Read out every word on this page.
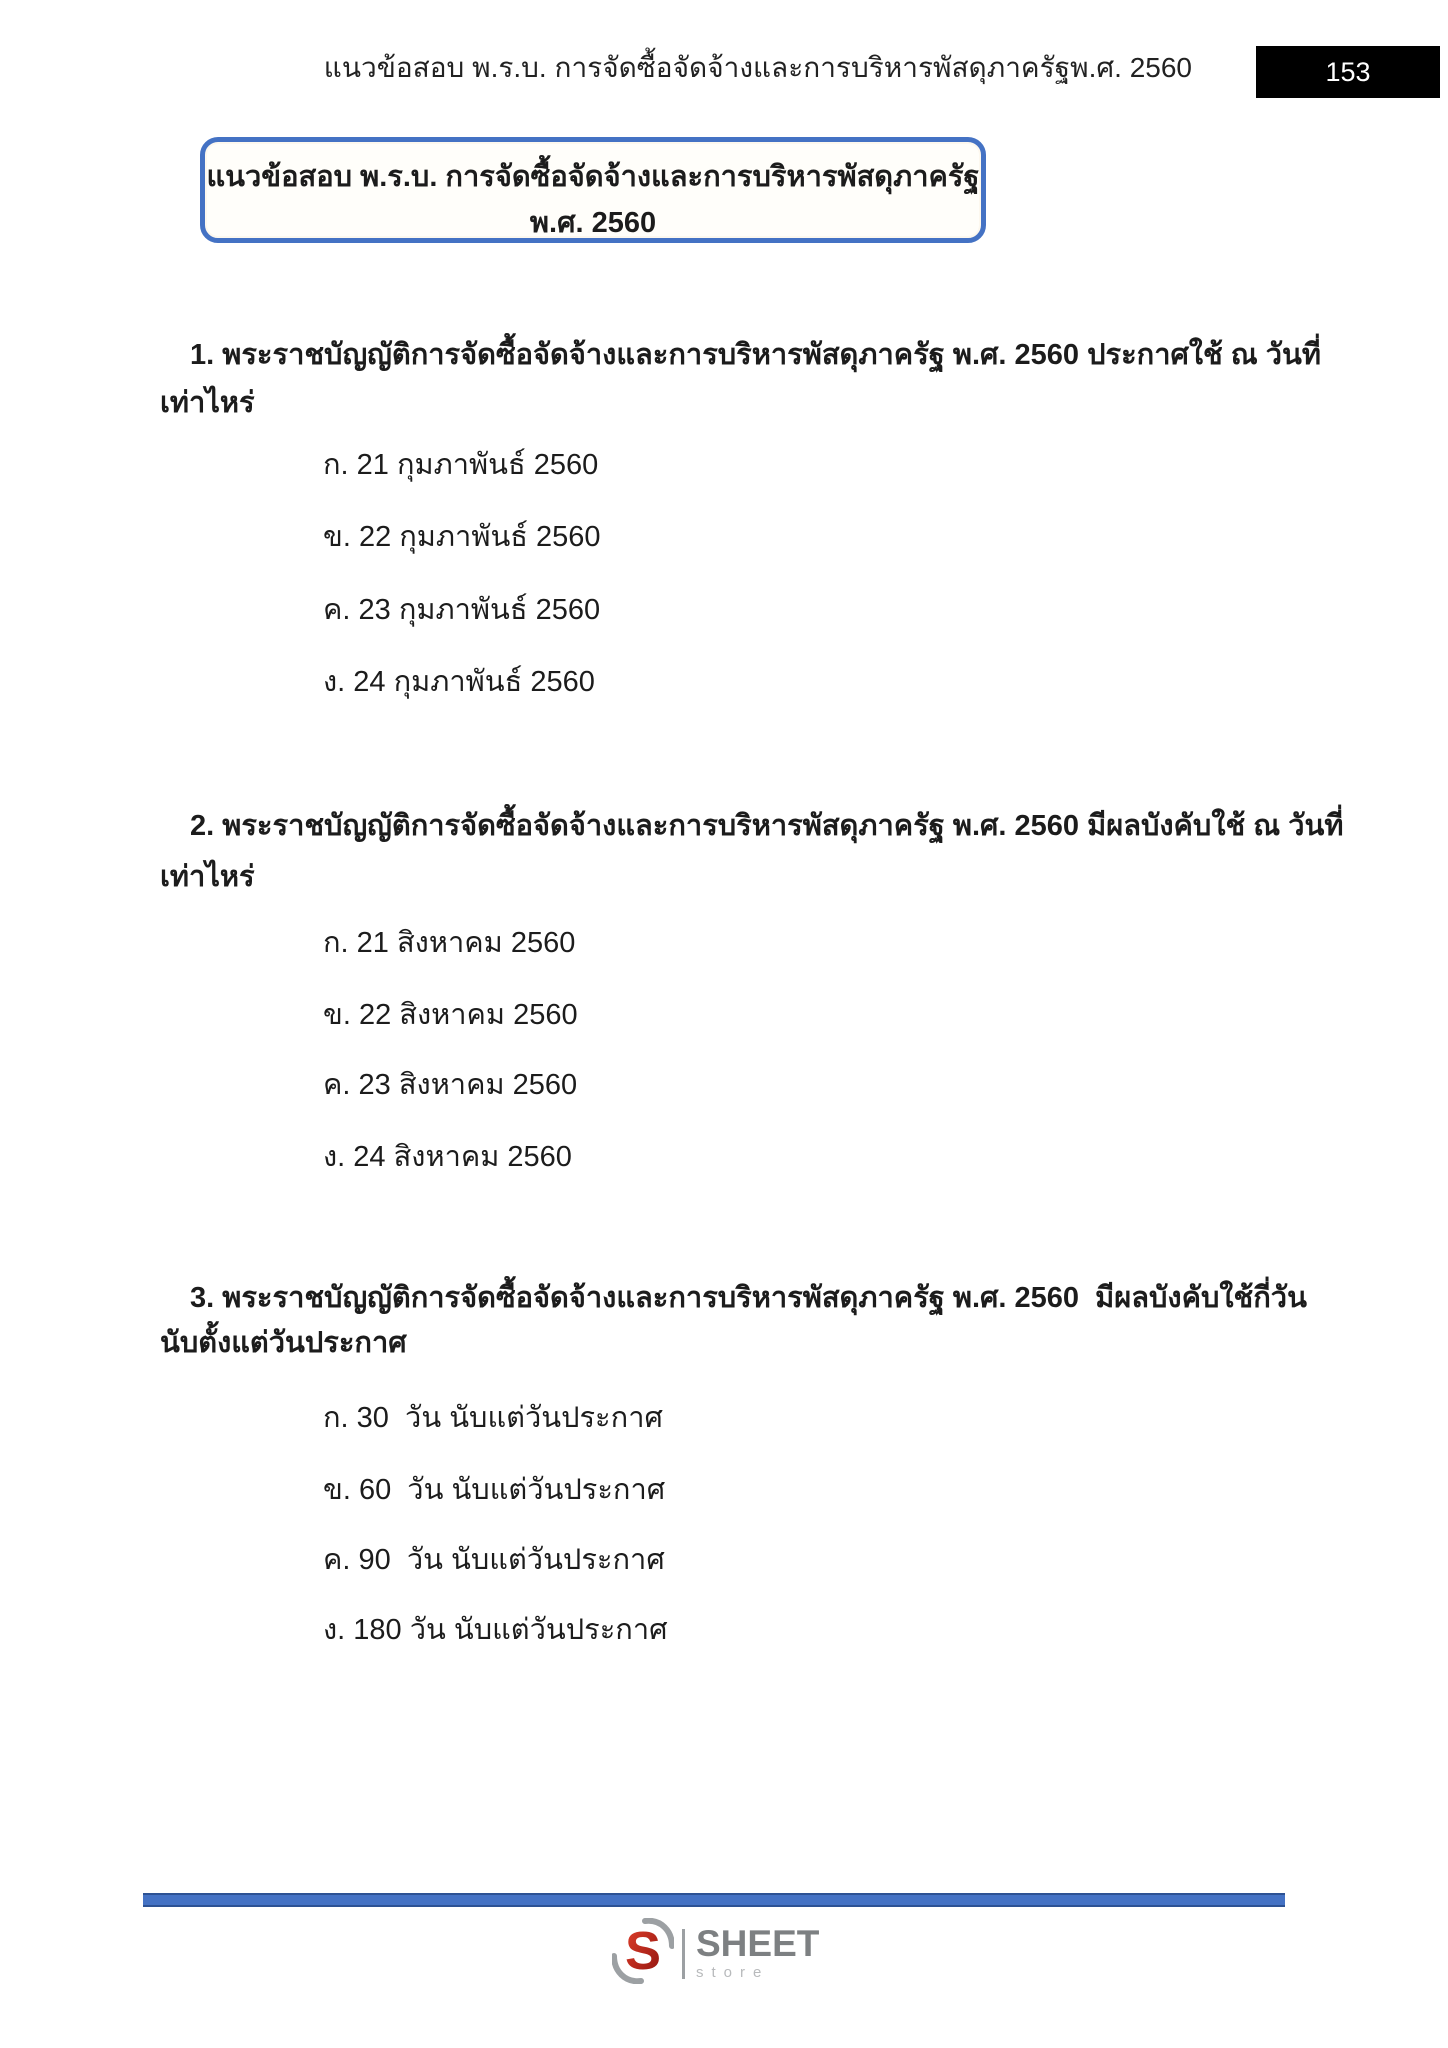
แนวข้อสอบ พ.ร.บ. การจัดซื้อจัดจ้างและการบริหารพัสดุภาครัฐพ.ศ. 2560	153
แนวข้อสอบ พ.ร.บ. การจัดซื้อจัดจ้างและการบริหารพัสดุภาครัฐพ.ศ. 2560
1. พระราชบัญญัติการจัดซื้อจัดจ้างและการบริหารพัสดุภาครัฐ พ.ศ. 2560 ประกาศใช้ ณ วันที่
เท่าไหร่
ก. 21 กุมภาพันธ์ 2560
ข. 22 กุมภาพันธ์ 2560
ค. 23 กุมภาพันธ์ 2560
ง. 24 กุมภาพันธ์ 2560
2. พระราชบัญญัติการจัดซื้อจัดจ้างและการบริหารพัสดุภาครัฐ พ.ศ. 2560 มีผลบังคับใช้ ณ วันที่
เท่าไหร่
ก. 21 สิงหาคม 2560
ข. 22 สิงหาคม 2560
ค. 23 สิงหาคม 2560
ง. 24 สิงหาคม 2560
3. พระราชบัญญัติการจัดซื้อจัดจ้างและการบริหารพัสดุภาครัฐ พ.ศ. 2560  มีผลบังคับใช้กี่วัน
นับตั้งแต่วันประกาศ
ก. 30  วัน นับแต่วันประกาศ
ข. 60  วัน นับแต่วันประกาศ
ค. 90  วัน นับแต่วันประกาศ
ง. 180 วัน นับแต่วันประกาศ
S SHEET
store
